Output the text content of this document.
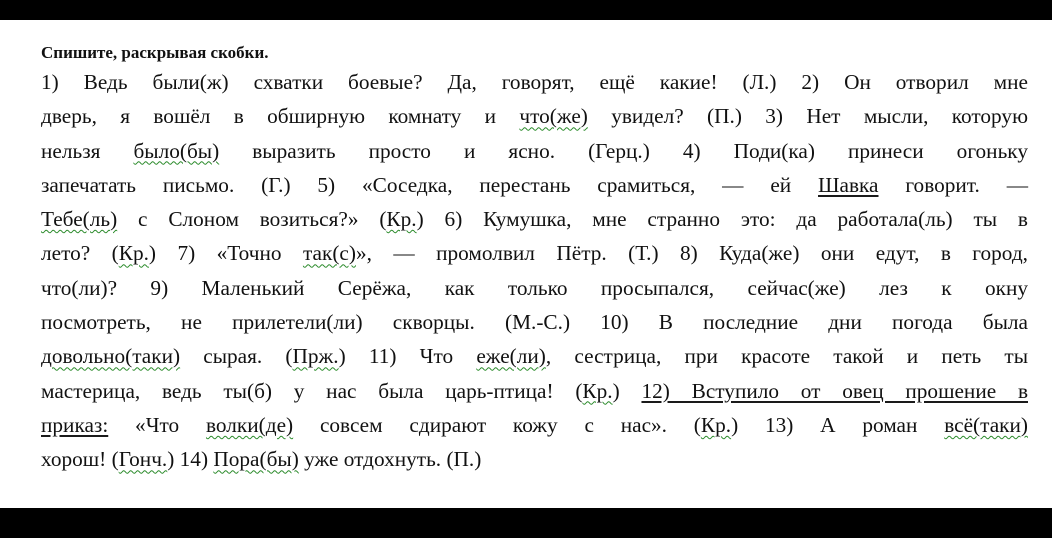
Спишите, раскрывая скобки.
1) Ведь были(ж) схватки боевые? Да, говорят, ещё какие! (Л.) 2) Он отворил мне
дверь, я вошёл в обширную комнату и что(же) увидел? (П.) 3) Нет мысли, которую
нельзя было(бы) выразить просто и ясно. (Герц.) 4) Поди(ка) принеси огоньку
запечатать письмо. (Г.) 5) «Соседка, перестань срамиться, — ей Шавка говорит. —
Тебе(ль) с Слоном возиться?» (Кр.) 6) Кумушка, мне странно это: да работала(ль) ты в
лето? (Кр.) 7) «Точно так(с)», — промолвил Пётр. (Т.) 8) Куда(же) они едут, в город,
что(ли)? 9) Маленький Серёжа, как только просыпался, сейчас(же) лез к окну
посмотреть, не прилетели(ли) скворцы. (М.-С.) 10) В последние дни погода была
довольно(таки) сырая. (Прж.) 11) Что еже(ли), сестрица, при красоте такой и петь ты
мастерица, ведь ты(б) у нас была царь-птица! (Кр.) 12) Вступило от овец прошение в
приказ: «Что волки(де) совсем сдирают кожу с нас». (Кр.) 13) А роман всё(таки)
хорош! (Гонч.) 14) Пора(бы) уже отдохнуть. (П.)
